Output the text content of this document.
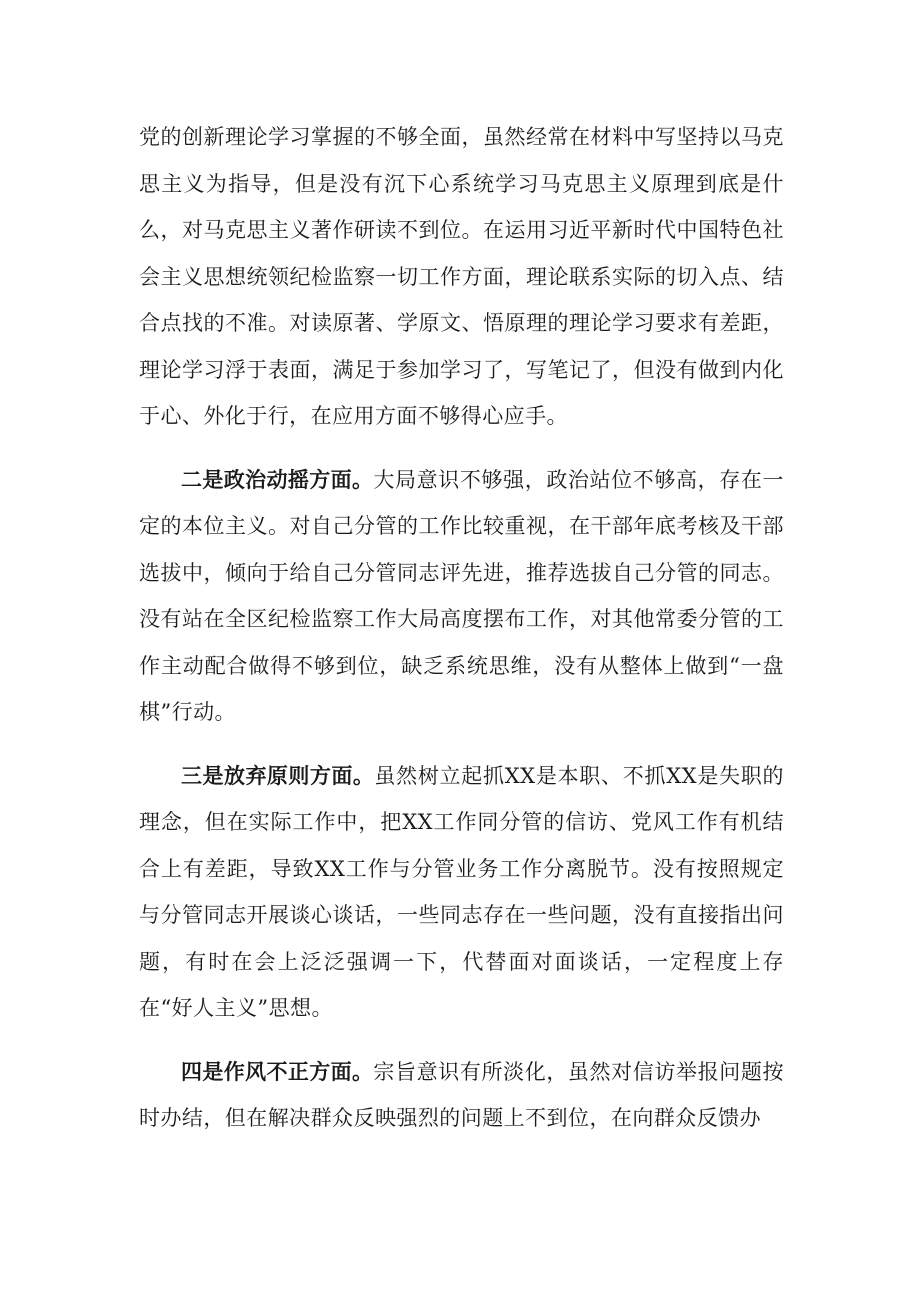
党的创新理论学习掌握的不够全面，虽然经常在材料中写坚持以马克思主义为指导，但是没有沉下心系统学习马克思主义原理到底是什么，对马克思主义著作研读不到位。在运用习近平新时代中国特色社会主义思想统领纪检监察一切工作方面，理论联系实际的切入点、结合点找的不准。对读原著、学原文、悟原理的理论学习要求有差距，理论学习浮于表面，满足于参加学习了，写笔记了，但没有做到内化于心、外化于行，在应用方面不够得心应手。

二是政治动摇方面。大局意识不够强，政治站位不够高，存在一定的本位主义。对自己分管的工作比较重视，在干部年底考核及干部选拔中，倾向于给自己分管同志评先进，推荐选拔自己分管的同志。没有站在全区纪检监察工作大局高度摆布工作，对其他常委分管的工作主动配合做得不够到位，缺乏系统思维，没有从整体上做到“一盘棋”行动。

三是放弃原则方面。虽然树立起抓XX是本职、不抓XX是失职的理念，但在实际工作中，把XX工作同分管的信访、党风工作有机结合上有差距，导致XX工作与分管业务工作分离脱节。没有按照规定与分管同志开展谈心谈话，一些同志存在一些问题，没有直接指出问题，有时在会上泛泛强调一下，代替面对面谈话，一定程度上存在“好人主义”思想。

四是作风不正方面。宗旨意识有所淡化，虽然对信访举报问题按时办结，但在解决群众反映强烈的问题上不到位，在向群众反馈办
